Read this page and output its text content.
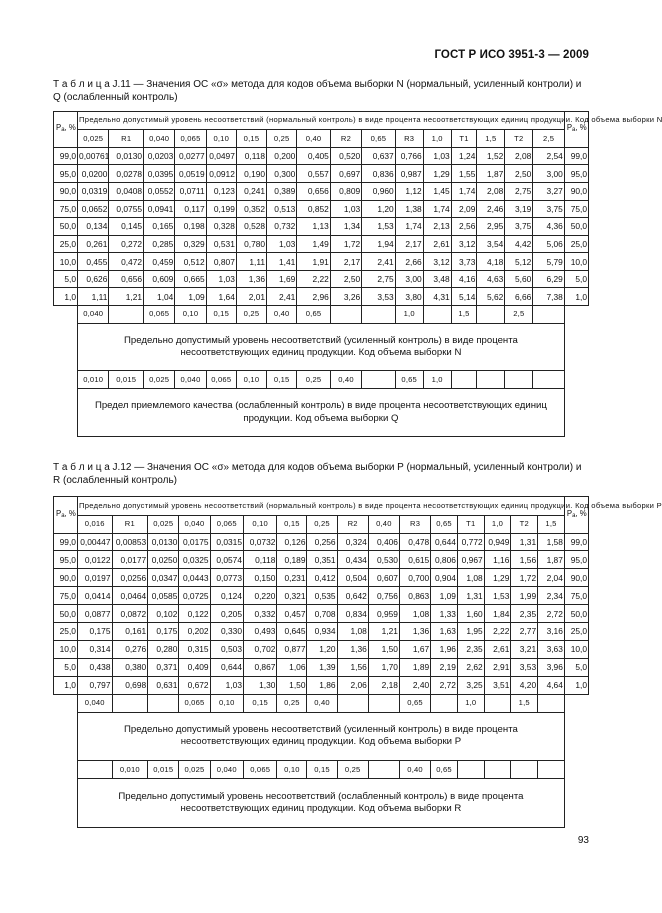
ГОСТ Р ИСО 3951-3 — 2009
Т а б л и ц а J.11 — Значения ОС «σ» метода для кодов объема выборки N (нормальный, усиленный контроли) и Q (ослабленный контроль)
$P_a$, %	Предельно допустимый уровень несоответствий (нормальный контроль) в виде процента несоответствующих единиц продукции. Код объема выборки N																$P_a$, %
	0,025	R1	0,040	0,065	0,10	0,15	0,25	0,40	R2	0,65	R3	1,0	T1	1,5	T2	2,5	
99,0	0,00761	0,0130	0,0203	0,0277	0,0497	0,118	0,200	0,405	0,520	0,637	0,766	1,03	1,24	1,52	2,08	2,54	99,0
95,0	0,0200	0,0278	0,0395	0,0519	0,0912	0,190	0,300	0,557	0,697	0,836	0,987	1,29	1,55	1,87	2,50	3,00	95,0
90,0	0,0319	0,0408	0,0552	0,0711	0,123	0,241	0,389	0,656	0,809	0,960	1,12	1,45	1,74	2,08	2,75	3,27	90,0
75,0	0,0652	0,0755	0,0941	0,117	0,199	0,352	0,513	0,852	1,03	1,20	1,38	1,74	2,09	2,46	3,19	3,75	75,0
50,0	0,134	0,145	0,165	0,198	0,328	0,528	0,732	1,13	1,34	1,53	1,74	2,13	2,56	2,95	3,75	4,36	50,0
25,0	0,261	0,272	0,285	0,329	0,531	0,780	1,03	1,49	1,72	1,94	2,17	2,61	3,12	3,54	4,42	5,06	25,0
10,0	0,455	0,472	0,459	0,512	0,807	1,11	1,41	1,91	2,17	2,41	2,66	3,12	3,73	4,18	5,12	5,79	10,0
5,0	0,626	0,656	0,609	0,665	1,03	1,36	1,69	2,22	2,50	2,75	3,00	3,48	4,16	4,63	5,60	6,29	5,0
1,0	1,11	1,21	1,04	1,09	1,64	2,01	2,41	2,96	3,26	3,53	3,80	4,31	5,14	5,62	6,66	7,38	1,0
	0,040		0,065	0,10	0,15	0,25	0,40	0,65			1,0		1,5		2,5		
	Предельно допустимый уровень несоответствий (усиленный контроль) в виде процента несоответствующих единиц продукции. Код объема выборки N																
	0,010	0,015	0,025	0,040	0,065	0,10	0,15	0,25	0,40		0,65	1,0					
	Предел приемлемого качества (ослабленный контроль) в виде процента несоответствующих единиц продукции. Код объема выборки Q																
Т а б л и ц а J.12 — Значения ОС «σ» метода для кодов объема выборки P (нормальный, усиленный контроли) и R (ослабленный контроль)
$P_a$, %	Предельно допустимый уровень несоответствий (нормальный контроль) в виде процента несоответствующих единиц продукции. Код объема выборки P																$P_a$, %
	0,016	R1	0,025	0,040	0,065	0,10	0,15	0,25	R2	0,40	R3	0,65	T1	1,0	T2	1,5	
99,0	0,00447	0,00853	0,0130	0,0175	0,0315	0,0732	0,126	0,256	0,324	0,406	0,478	0,644	0,772	0,949	1,31	1,58	99,0
95,0	0,0122	0,0177	0,0250	0,0325	0,0574	0,118	0,189	0,351	0,434	0,530	0,615	0,806	0,967	1,16	1,56	1,87	95,0
90,0	0,0197	0,0256	0,0347	0,0443	0,0773	0,150	0,231	0,412	0,504	0,607	0,700	0,904	1,08	1,29	1,72	2,04	90,0
75,0	0,0414	0,0464	0,0585	0,0725	0,124	0,220	0,321	0,535	0,642	0,756	0,863	1,09	1,31	1,53	1,99	2,34	75,0
50,0	0,0877	0,0872	0,102	0,122	0,205	0,332	0,457	0,708	0,834	0,959	1,08	1,33	1,60	1,84	2,35	2,72	50,0
25,0	0,175	0,161	0,175	0,202	0,330	0,493	0,645	0,934	1,08	1,21	1,36	1,63	1,95	2,22	2,77	3,16	25,0
10,0	0,314	0,276	0,280	0,315	0,503	0,702	0,877	1,20	1,36	1,50	1,67	1,96	2,35	2,61	3,21	3,63	10,0
5,0	0,438	0,380	0,371	0,409	0,644	0,867	1,06	1,39	1,56	1,70	1,89	2,19	2,62	2,91	3,53	3,96	5,0
1,0	0,797	0,698	0,631	0,672	1,03	1,30	1,50	1,86	2,06	2,18	2,40	2,72	3,25	3,51	4,20	4,64	1,0
	0,040			0,065	0,10	0,15	0,25	0,40			0,65		1,0		1,5		
	Предельно допустимый уровень несоответствий (усиленный контроль) в виде процента несоответствующих единиц продукции. Код объема выборки P																
		0,010	0,015	0,025	0,040	0,065	0,10	0,15	0,25		0,40	0,65					
	Предельно допустимый уровень несоответствий (ослабленный контроль) в виде процента несоответствующих единиц продукции. Код объема выборки R																
93
